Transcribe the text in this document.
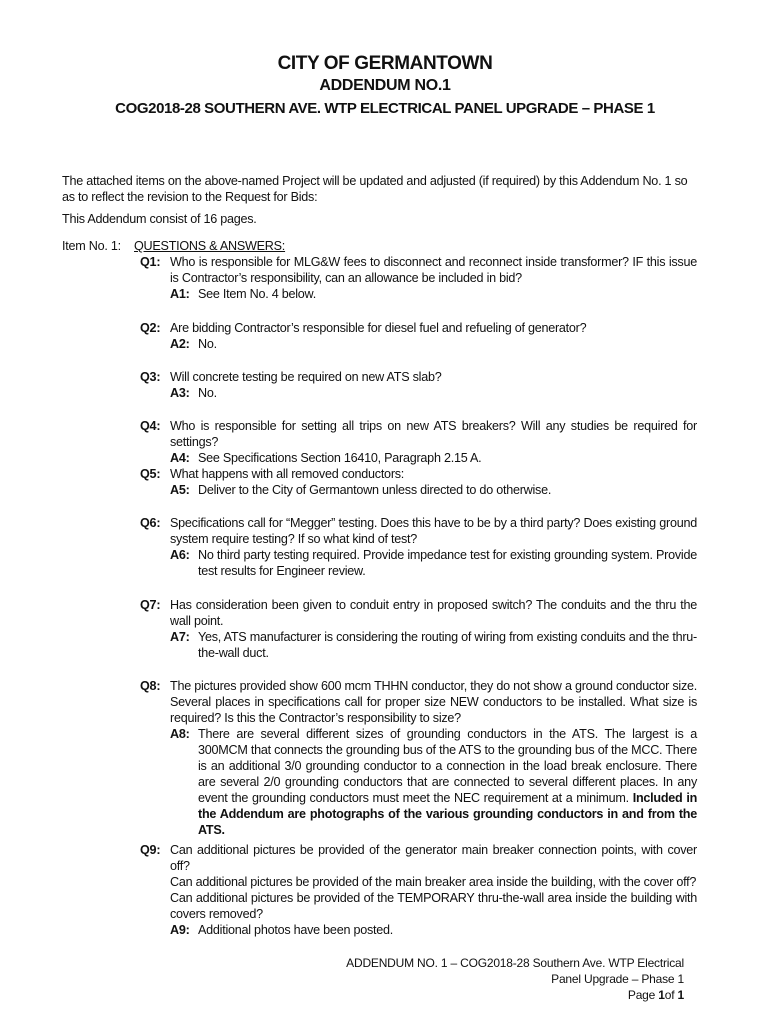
CITY OF GERMANTOWN
ADDENDUM NO.1
COG2018-28 SOUTHERN AVE. WTP ELECTRICAL PANEL UPGRADE – PHASE 1

The attached items on the above-named Project will be updated and adjusted (if required) by this Addendum No. 1 so as to reflect the revision to the Request for Bids:

This Addendum consist of 16 pages.

Item No. 1: QUESTIONS & ANSWERS:
Q1: Who is responsible for MLG&W fees to disconnect and reconnect inside transformer? IF this issue is Contractor’s responsibility, can an allowance be included in bid?
A1: See Item No. 4 below.
Q2: Are bidding Contractor’s responsible for diesel fuel and refueling of generator?
A2: No.
Q3: Will concrete testing be required on new ATS slab?
A3: No.
Q4: Who is responsible for setting all trips on new ATS breakers? Will any studies be required for settings?
A4: See Specifications Section 16410, Paragraph 2.15 A.
Q5: What happens with all removed conductors:
A5: Deliver to the City of Germantown unless directed to do otherwise.
Q6: Specifications call for “Megger” testing. Does this have to be by a third party? Does existing ground system require testing? If so what kind of test?
A6: No third party testing required. Provide impedance test for existing grounding system. Provide test results for Engineer review.
Q7: Has consideration been given to conduit entry in proposed switch? The conduits and the thru the wall point.
A7: Yes, ATS manufacturer is considering the routing of wiring from existing conduits and the thru-the-wall duct.
Q8: The pictures provided show 600 mcm THHN conductor, they do not show a ground conductor size. Several places in specifications call for proper size NEW conductors to be installed. What size is required? Is this the Contractor’s responsibility to size?
A8: There are several different sizes of grounding conductors in the ATS. The largest is a 300MCM that connects the grounding bus of the ATS to the grounding bus of the MCC. There is an additional 3/0 grounding conductor to a connection in the load break enclosure. There are several 2/0 grounding conductors that are connected to several different places. In any event the grounding conductors must meet the NEC requirement at a minimum. Included in the Addendum are photographs of the various grounding conductors in and from the ATS.
Q9: Can additional pictures be provided of the generator main breaker connection points, with cover off?
Can additional pictures be provided of the main breaker area inside the building, with the cover off?
Can additional pictures be provided of the TEMPORARY thru-the-wall area inside the building with covers removed?
A9: Additional photos have been posted.
ADDENDUM NO. 1 – COG2018-28 Southern Ave. WTP Electrical
Panel Upgrade – Phase 1
Page 1of 1
